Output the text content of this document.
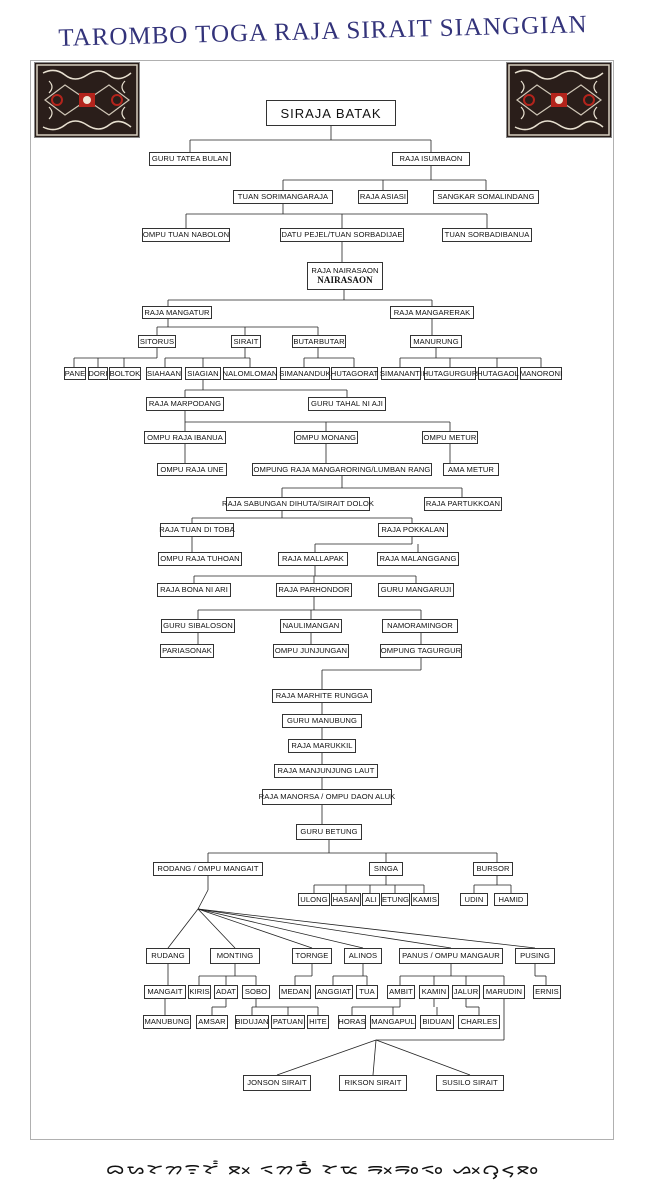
TAROMBO TOGA RAJA SIRAIT SIANGGIAN
SIRAJA BATAK
GURU TATEA BULAN	RAJA ISUMBAON
TUAN SORIMANGARAJA	RAJA ASIASI	SANGKAR SOMALINDANG
OMPU TUAN NABOLON	DATU PEJEL/TUAN SORBADIJAE	TUAN SORBADIBANUA
RAJA NAIRASAON
NAIRASAON
RAJA MANGATUR	RAJA MANGARERAK
SITORUS	SIRAIT	BUTARBUTAR	MANURUNG
PANE DORI BOLTOK SIAHAAN SIAGIAN NALOMLOMAN SIMANANDUK HUTAGORAT SIMANANTI HUTAGURGUR HUTAGAOL MANORONI
RAJA MARPODANG	GURU TAHAL NI AJI
OMPU RAJA IBANUA	OMPU MONANG	OMPU METUR
OMPU RAJA UNE	OMPUNG RAJA MANGARORING/LUMBAN RANG	AMA METUR
RAJA SABUNGAN DIHUTA/SIRAIT DOLOK	RAJA PARTUKKOAN
RAJA TUAN DI TOBA	RAJA POKKALAN
OMPU RAJA TUHOAN	RAJA MALLAPAK	RAJA MALANGGANG
RAJA BONA NI ARI	RAJA PARHONDOR	GURU MANGARUJI
GURU SIBALOSON	NAULIMANGAN	NAMORAMINGOR
PARIASONAK	OMPU JUNJUNGAN	OMPUNG TAGURGUR
RAJA MARHITE RUNGGA
GURU MANUBUNG
RAJA MARUKKIL
RAJA MANJUNJUNG LAUT
RAJA MANORSA / OMPU DAON ALUK
GURU BETUNG
RODANG / OMPU MANGAIT	SINGA	BURSOR
ULONG HASAN ALI ETUNG KAMIS	UDIN	HAMID
RUDANG	MONTING	TORNGE	ALINOS	PANUS / OMPU MANGAUR	PUSING
MANGAIT KIRIS ADAT	SOBO	MEDAN ANGGIAT	TUA	AMBIT	KAMIN JALUR	MARUDIN	ERNIS
MANUBUNG AMSAR BIDUJAN PATUAN HITE HORAS MANGAPUL	BIDUAN	CHARLES
JONSON SIRAIT	RIKSON SIRAIT	SUSILO SIRAIT
ᯅᯗᯘᯂᯤᯘᯱ ᯖᯬ ᯑᯂᯉ᯦ ᯘᯔ ᯒᯬᯒᯪᯑᯪ ᯀᯬᯋᯮᯝᯮᯖᯪ
